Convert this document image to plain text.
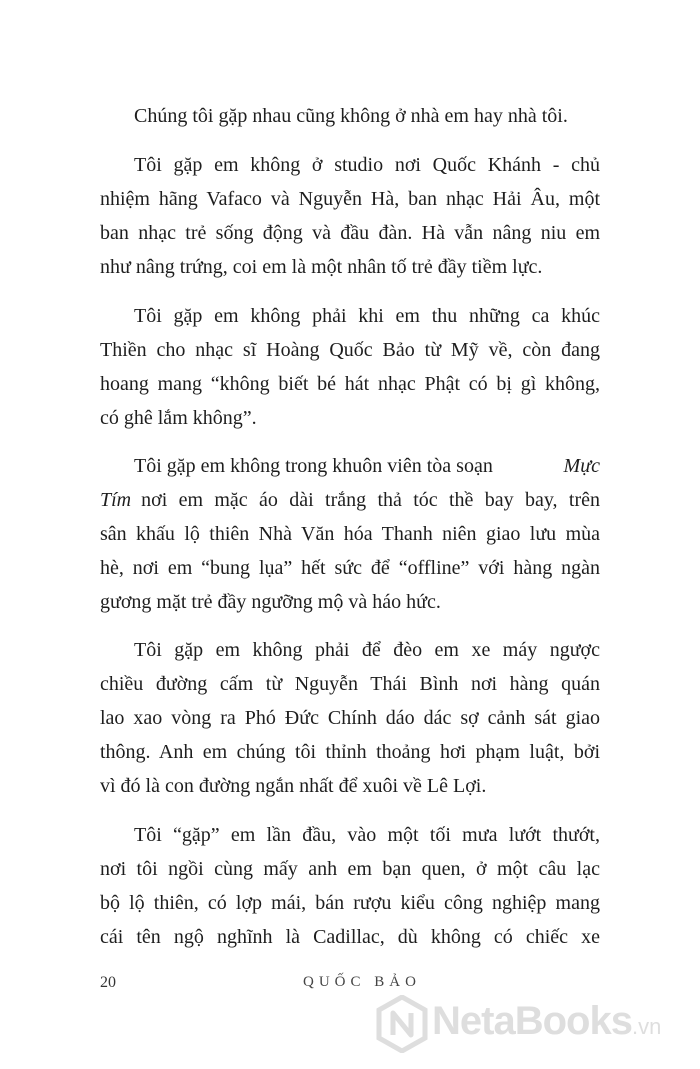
Chúng tôi gặp nhau cũng không ở nhà em hay nhà tôi.
Tôi gặp em không ở studio nơi Quốc Khánh - chủ
nhiệm hãng Vafaco và Nguyễn Hà, ban nhạc Hải Âu, một
ban nhạc trẻ sống động và đầu đàn. Hà vẫn nâng niu em
như nâng trứng, coi em là một nhân tố trẻ đầy tiềm lực.
Tôi gặp em không phải khi em thu những ca khúc
Thiền cho nhạc sĩ Hoàng Quốc Bảo từ Mỹ về, còn đang
hoang mang “không biết bé hát nhạc Phật có bị gì không,
có ghê lắm không”.
Tôi gặp em không trong khuôn viên tòa soạn	Mực
Tím nơi em mặc áo dài trắng thả tóc thề bay bay, trên
sân khấu lộ thiên Nhà Văn hóa Thanh niên giao lưu mùa
hè, nơi em “bung lụa” hết sức để “offline” với hàng ngàn
gương mặt trẻ đầy ngưỡng mộ và háo hức.
Tôi gặp em không phải để đèo em xe máy ngược
chiều đường cấm từ Nguyễn Thái Bình nơi hàng quán
lao xao vòng ra Phó Đức Chính dáo dác sợ cảnh sát giao
thông. Anh em chúng tôi thỉnh thoảng hơi phạm luật, bởi
vì đó là con đường ngắn nhất để xuôi về Lê Lợi.
Tôi “gặp” em lần đầu, vào một tối mưa lướt thướt,
nơi tôi ngồi cùng mấy anh em bạn quen, ở một câu lạc
bộ lộ thiên, có lợp mái, bán rượu kiểu công nghiệp mang
cái tên ngộ nghĩnh là Cadillac, dù không có chiếc xe
20	QUỐC BẢO
NetaBooks.vn
